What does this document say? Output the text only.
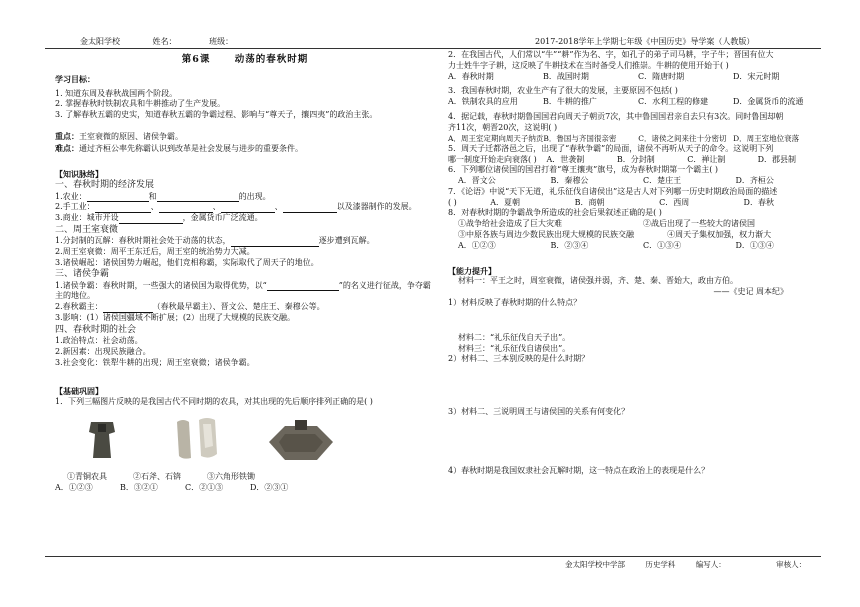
金太阳学校	姓名：	班级：	2017-2018学年上学期七年级《中国历史》导学案（人教版）
第6课	动荡的春秋时期
学习目标：
1. 知道东周及春秋战国两个阶段。
2. 掌握春秋时铁制农具和牛耕推动了生产发展。
3. 了解春秋五霸的史实，知道春秋五霸的争霸过程、影响与“尊天子，攘四夷”的政治主张。
重点：王室衰微的原因、诸侯争霸。
难点：通过齐桓公率先称霸认识到改革是社会发展与进步的重要条件。
【知识脉络】
一、春秋时期的经济发展
1.农业：	和	的出现。
2.手工业：	、	、	、	以及漆器制作的发展。
3.商业：城市开设	，金属货币广泛流通。
二、周王室衰微
1.分封制的瓦解：春秋时期社会处于动荡的状态，	逐步遭到瓦解。
2.周王室衰微：周平王东迁后，周王室的统治势力大减。
3.诸侯崛起：诸侯国势力崛起，他们竞相称霸，实际取代了周天子的地位。
三、诸侯争霸
1.诸侯争霸：春秋时期，一些强大的诸侯国为取得优势，以“	”的名义进行征战，争夺霸主的地位。
2.春秋霸主：	（春秋最早霸主）、晋文公、楚庄王、秦穆公等。
3.影响：(1）诸侯国疆域不断扩展；(2）出现了大规模的民族交融。
四、春秋时期的社会
1.政治特点：社会动荡。
2.新因素：出现民族融合。
3.社会变化：铁犁牛耕的出现；周王室衰微；诸侯争霸。
【基础巩固】
1．下列三幅图片反映的是我国古代不同时期的农具，对其出现的先后顺序排列正确的是( )
①青铜农具	②石斧、石锛	③六角形铁锄
A．①②③	B．③②①	C．②①③	D．②③①
2．在我国古代，人们常以“牛”“耕”作为名、字，如孔子的弟子司马耕，字子牛；晋国有位大
力士姓牛字子耕，这反映了牛耕技术在当时备受人们推崇。牛耕的使用开始于( )
A．春秋时期	B．战国时期	C．隋唐时期	D．宋元时期
3．我国春秋时期，农业生产有了很大的发展，主要原因不包括( )
A．铁制农具的应用	B．牛耕的推广	C．水利工程的修建	D．金属货币的流通
4．据记载，春秋时期鲁国国君向周天子朝贡7次，其中鲁国国君亲自去只有3次。同时鲁国却朝
齐11次，朝晋20次，这说明( )
A．周王室定期向周天子纳贡 B．鲁国与齐国很亲密	C．诸侯之间来往十分密切 D．周王室地位衰落
5．周天子迁都洛邑之后，出现了“春秋争霸”的局面，诸侯不再听从天子的命令。这说明下列
哪一制度开始走向衰落( )	A．世袭制	B．分封制	C．禅让制	D．郡县制
6．下列哪位诸侯国的国君打着“尊王攘夷”旗号，成为春秋时期第一个霸主( )
A．晋文公	B．秦穆公	C．楚庄王	D．齐桓公
7．《论语》中说“天下无道，礼乐征伐自诸侯出”这是古人对下列哪一历史时期政治局面的描述
( )	A．夏朝	B．商朝	C．西周	D．春秋
8．对春秋时期的争霸战争所造成的社会后果叙述正确的是( )
①战争给社会造成了巨大灾难	②战后出现了一些较大的诸侯国
③中原各族与周边少数民族出现大规模的民族交融	④周天子集权加强，权力渐大
A．①②③	B．②③④	C．①③④	D．①③④
【能力提升】
材料一：平王之时，周室衰微，诸侯强并弱，齐、楚、秦、晋始大，政由方伯。
——《史记 周本纪》
1）材料反映了春秋时期的什么特点？
材料二：“礼乐征伐自天子出”。
材料三：“礼乐征伐自诸侯出”。
2）材料二、三本别反映的是什么时期？
3）材料二、三说明周王与诸侯国的关系有何变化？
4）春秋时期是我国奴隶社会瓦解时期，这一特点在政治上的表现是什么？
金太阳学校中学部	历史学科	编写人：	审核人：
